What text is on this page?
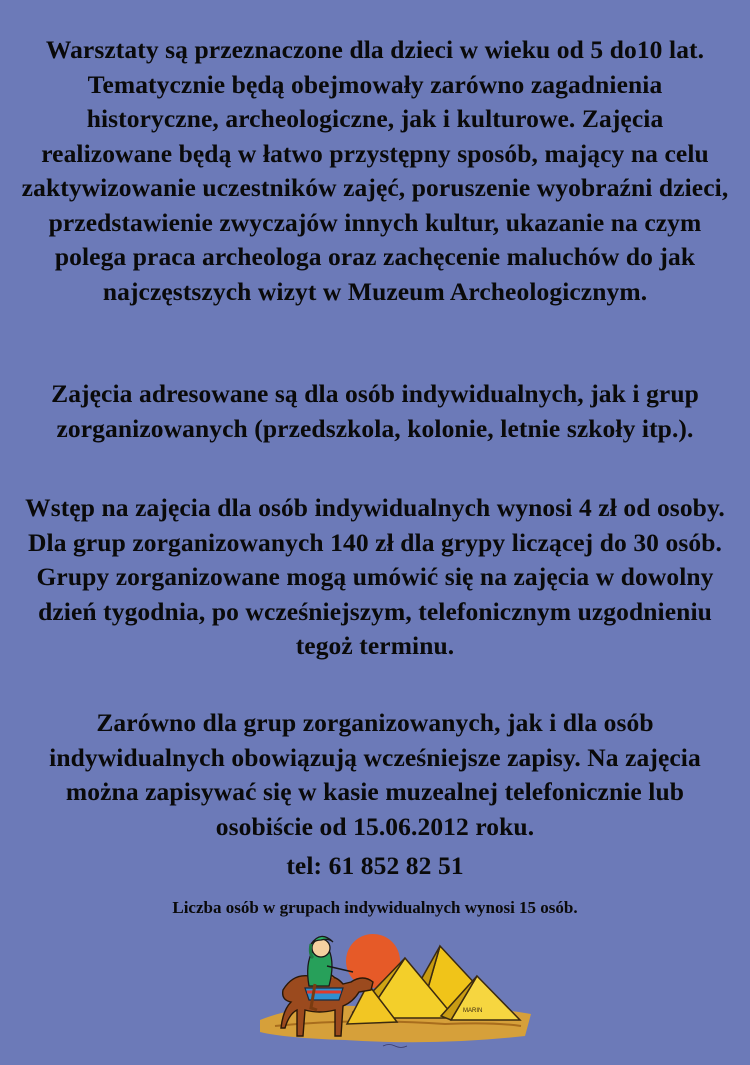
Warsztaty są przeznaczone dla dzieci w wieku od 5 do10 lat. Tematycznie będą obejmowały zarówno zagadnienia historyczne, archeologiczne, jak i kulturowe. Zajęcia realizowane będą w łatwo przystępny sposób, mający na celu zaktywizowanie uczestników zajęć, poruszenie wyobraźni dzieci, przedstawienie zwyczajów innych kultur, ukazanie na czym polega praca archeologa oraz zachęcenie maluchów do jak najczęstszych wizyt w Muzeum Archeologicznym.
Zajęcia adresowane są dla osób indywidualnych, jak i grup zorganizowanych (przedszkola, kolonie, letnie szkoły itp.).
Wstęp na zajęcia dla osób indywidualnych wynosi 4 zł od osoby. Dla grup zorganizowanych 140 zł dla grypy liczącej do 30 osób. Grupy zorganizowane mogą umówić się na zajęcia w dowolny dzień tygodnia, po wcześniejszym, telefonicznym uzgodnieniu tegoż terminu.
Zarówno dla grup zorganizowanych, jak i dla osób indywidualnych obowiązują wcześniejsze zapisy. Na zajęcia można zapisywać się w kasie muzealnej telefonicznie lub osobiście od 15.06.2012 roku.
tel: 61 852 82 51
Liczba osób w grupach indywidualnych wynosi 15 osób.
MARIN
